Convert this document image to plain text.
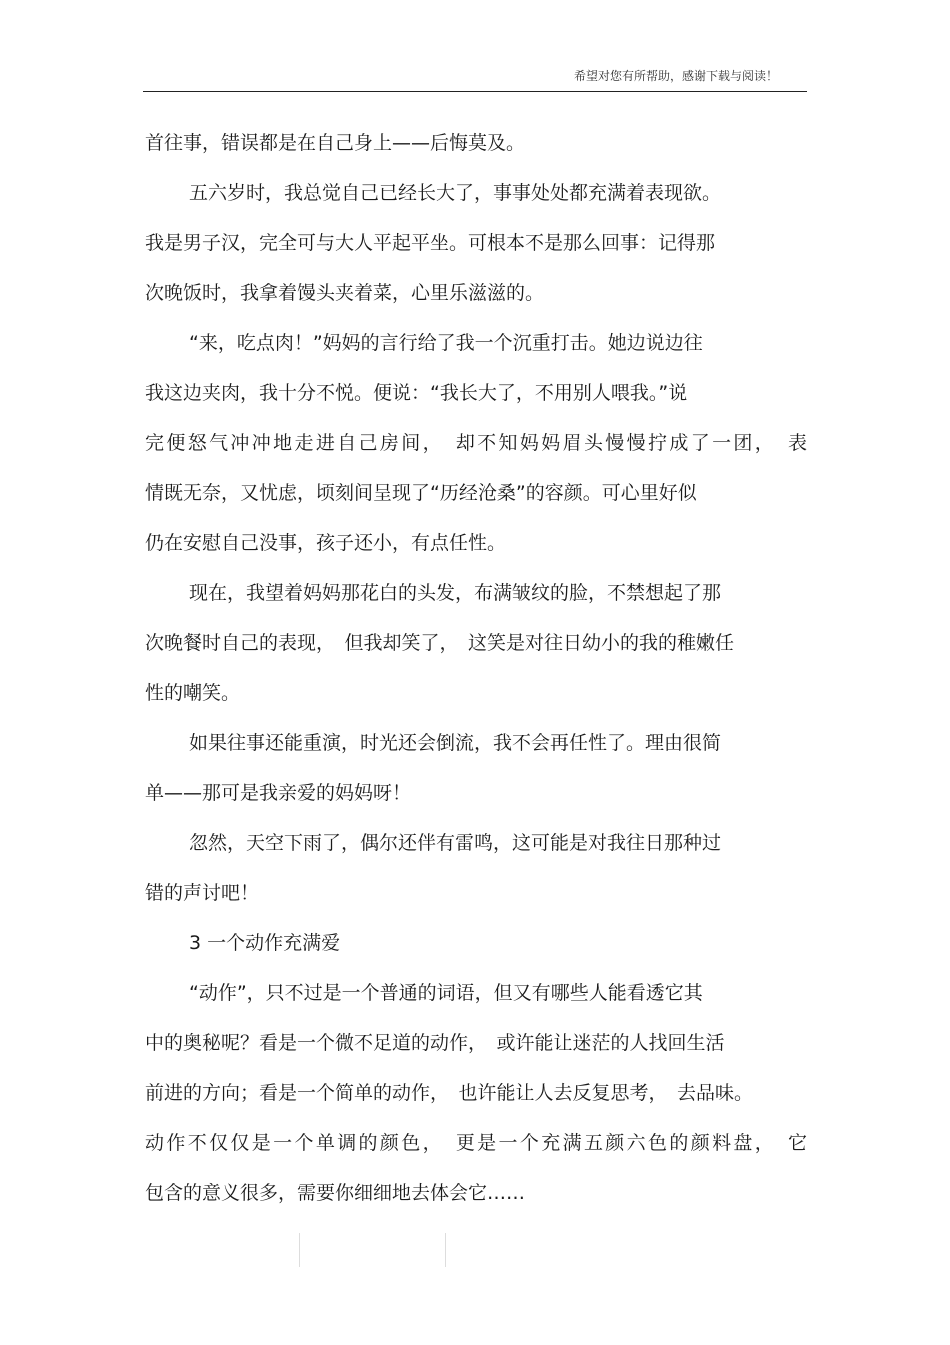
希望对您有所帮助，感谢下载与阅读！
首往事，错误都是在自己身上——后悔莫及。
五六岁时，我总觉自己已经长大了，事事处处都充满着表现欲。
我是男子汉，完全可与大人平起平坐。可根本不是那么回事：记得那
次晚饭时，我拿着馒头夹着菜，心里乐滋滋的。
“来，吃点肉！”妈妈的言行给了我一个沉重打击。她边说边往
我这边夹肉，我十分不悦。便说：“我长大了，不用别人喂我。”说
完便怒气冲冲地走进自己房间，　却不知妈妈眉头慢慢拧成了一团，　表
情既无奈，又忧虑，顷刻间呈现了“历经沧桑”的容颜。可心里好似
仍在安慰自己没事，孩子还小，有点任性。
现在，我望着妈妈那花白的头发，布满皱纹的脸，不禁想起了那
次晚餐时自己的表现，　但我却笑了，　这笑是对往日幼小的我的稚嫩任
性的嘲笑。
如果往事还能重演，时光还会倒流，我不会再任性了。理由很简
单——那可是我亲爱的妈妈呀！
忽然，天空下雨了，偶尔还伴有雷鸣，这可能是对我往日那种过
错的声讨吧！
3 一个动作充满爱
“动作”，只不过是一个普通的词语，但又有哪些人能看透它其
中的奥秘呢？看是一个微不足道的动作，　或许能让迷茫的人找回生活
前进的方向；看是一个简单的动作，　也许能让人去反复思考，　去品味。
动作不仅仅是一个单调的颜色，　更是一个充满五颜六色的颜料盘，　它
包含的意义很多，需要你细细地去体会它……
